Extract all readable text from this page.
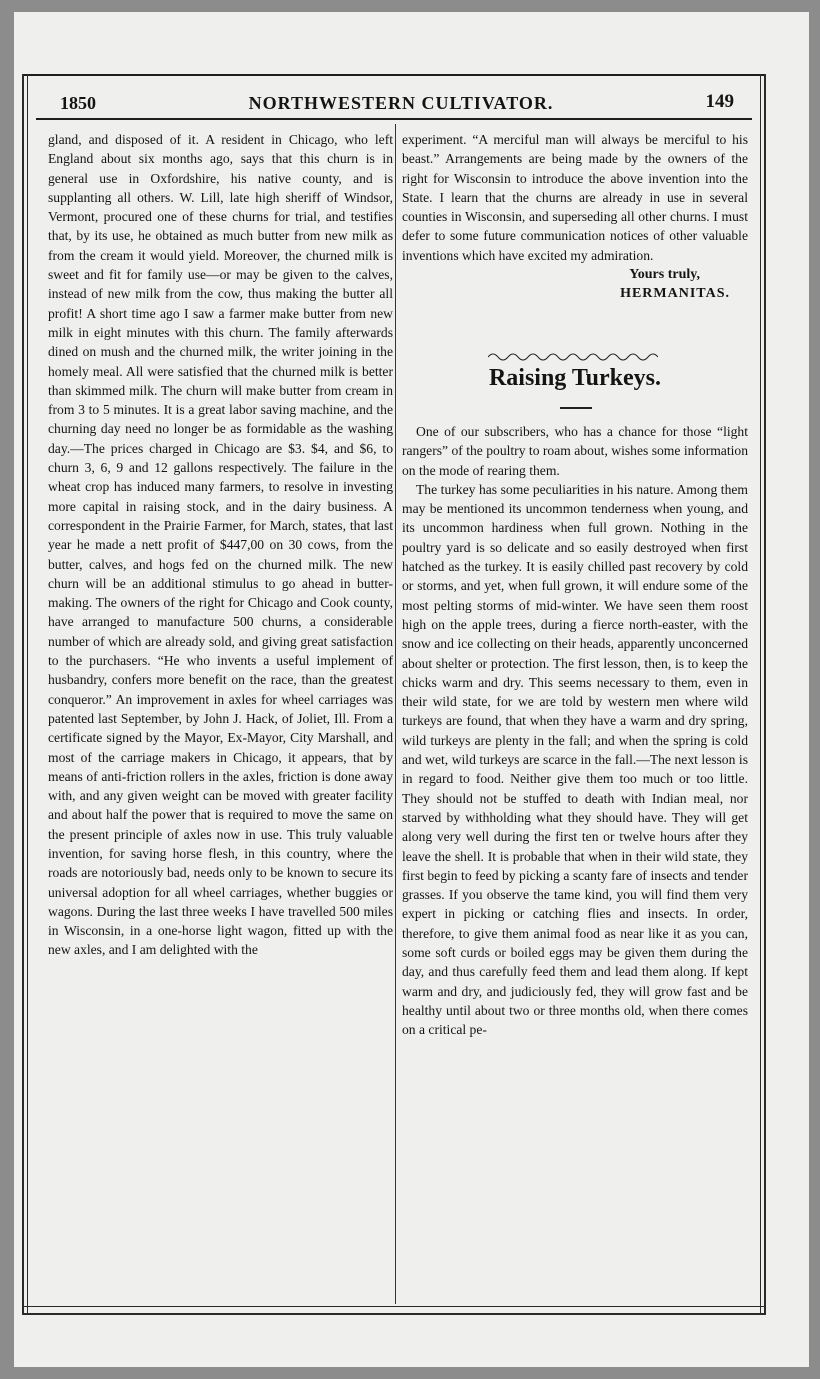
1850	NORTHWESTERN CULTIVATOR.	149

gland, and disposed of it. A resident in Chicago, who left England about six months ago, says that this churn is in general use in Oxfordshire, his native county, and is supplanting all others. W. Lill, late high sheriff of Windsor, Vermont, procured one of these churns for trial, and testifies that, by its use, he obtained as much butter from new milk as from the cream it would yield. Moreover, the churned milk is sweet and fit for family use—or may be given to the calves, instead of new milk from the cow, thus making the butter all profit! A short time ago I saw a farmer make butter from new milk in eight minutes with this churn. The family afterwards dined on mush and the churned milk, the writer joining in the homely meal. All were satisfied that the churned milk is better than skimmed milk. The churn will make butter from cream in from 3 to 5 minutes. It is a great labor saving machine, and the churning day need no longer be as formidable as the washing day.—The prices charged in Chicago are $3. $4, and $6, to churn 3, 6, 9 and 12 gallons respectively. The failure in the wheat crop has induced many farmers, to resolve in investing more capital in raising stock, and in the dairy business. A correspondent in the Prairie Farmer, for March, states, that last year he made a nett profit of $447,00 on 30 cows, from the butter, calves, and hogs fed on the churned milk. The new churn will be an additional stimulus to go ahead in butter-making. The owners of the right for Chicago and Cook county, have arranged to manufacture 500 churns, a considerable number of which are already sold, and giving great satisfaction to the purchasers. “He who invents a useful implement of husbandry, confers more benefit on the race, than the greatest conqueror.” An improvement in axles for wheel carriages was patented last September, by John J. Hack, of Joliet, Ill. From a certificate signed by the Mayor, Ex-Mayor, City Marshall, and most of the carriage makers in Chicago, it appears, that by means of anti-friction rollers in the axles, friction is done away with, and any given weight can be moved with greater facility and about half the power that is required to move the same on the present principle of axles now in use. This truly valuable invention, for saving horse flesh, in this country, where the roads are notoriously bad, needs only to be known to secure its universal adoption for all wheel carriages, whether buggies or wagons. During the last three weeks I have travelled 500 miles in Wisconsin, in a one-horse light wagon, fitted up with the new axles, and I am delighted with the

experiment. “A merciful man will always be merciful to his beast.” Arrangements are being made by the owners of the right for Wisconsin to introduce the above invention into the State. I learn that the churns are already in use in several counties in Wisconsin, and superseding all other churns. I must defer to some future communication notices of other valuable inventions which have excited my admiration.

Yours truly,

HERMANITAS.

Raising Turkeys.

One of our subscribers, who has a chance for those “light rangers” of the poultry to roam about, wishes some information on the mode of rearing them.

The turkey has some peculiarities in his nature. Among them may be mentioned its uncommon tenderness when young, and its uncommon hardiness when full grown. Nothing in the poultry yard is so delicate and so easily destroyed when first hatched as the turkey. It is easily chilled past recovery by cold or storms, and yet, when full grown, it will endure some of the most pelting storms of mid-winter. We have seen them roost high on the apple trees, during a fierce north-easter, with the snow and ice collecting on their heads, apparently unconcerned about shelter or protection. The first lesson, then, is to keep the chicks warm and dry. This seems necessary to them, even in their wild state, for we are told by western men where wild turkeys are found, that when they have a warm and dry spring, wild turkeys are plenty in the fall; and when the spring is cold and wet, wild turkeys are scarce in the fall.—The next lesson is in regard to food. Neither give them too much or too little. They should not be stuffed to death with Indian meal, nor starved by withholding what they should have. They will get along very well during the first ten or twelve hours after they leave the shell. It is probable that when in their wild state, they first begin to feed by picking a scanty fare of insects and tender grasses. If you observe the tame kind, you will find them very expert in picking or catching flies and insects. In order, therefore, to give them animal food as near like it as you can, some soft curds or boiled eggs may be given them during the day, and thus carefully feed them and lead them along. If kept warm and dry, and judiciously fed, they will grow fast and be healthy until about two or three months old, when there comes on a critical pe-
